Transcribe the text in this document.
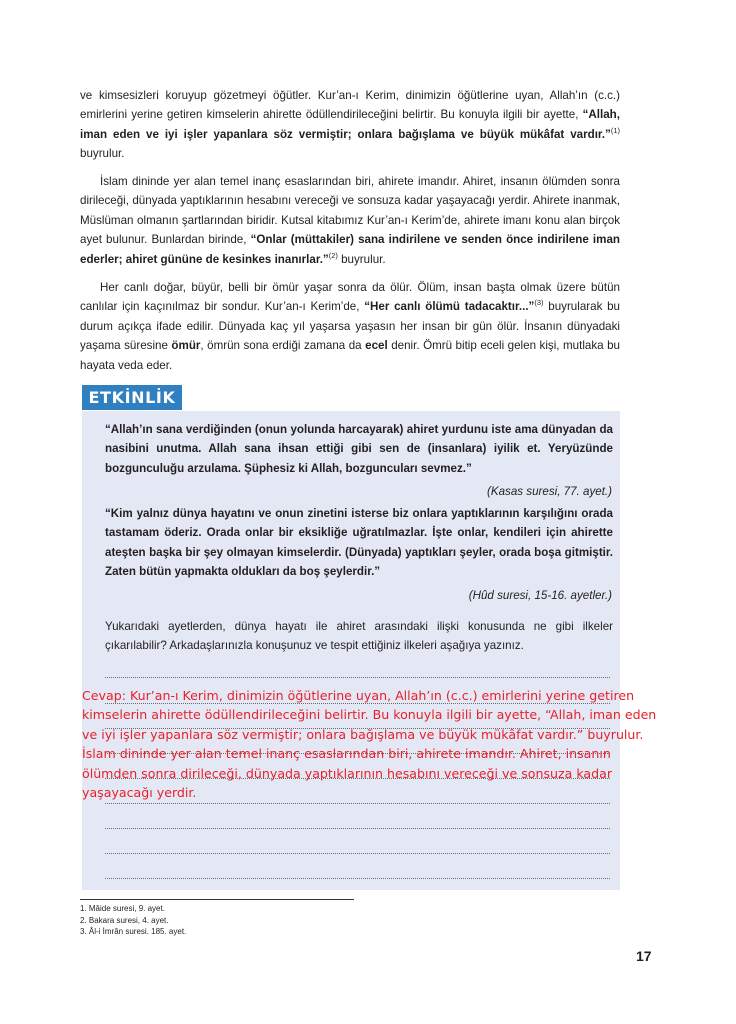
ve kimsesizleri koruyup gözetmeyi öğütler. Kur’an-ı Kerim, dinimizin öğütlerine uyan, Allah’ın (c.c.) emirlerini yerine getiren kimselerin ahirette ödüllendirileceğini belirtir. Bu konuyla ilgili bir ayette, “Allah, iman eden ve iyi işler yapanlara söz vermiştir; onlara bağışlama ve büyük mükâfat vardır.”$^{(1)}$ buyrulur.
İslam dininde yer alan temel inanç esaslarından biri, ahirete imandır. Ahiret, insanın ölümden sonra dirileceği, dünyada yaptıklarının hesabını vereceği ve sonsuza kadar yaşayacağı yerdir. Ahirete inanmak, Müslüman olmanın şartlarından biridir. Kutsal kitabımız Kur’an-ı Kerim’de, ahirete imanı konu alan birçok ayet bulunur. Bunlardan birinde, “Onlar (müttakiler) sana indirilene ve senden önce indirilene iman ederler; ahiret gününe de kesinkes inanırlar.”$^{(2)}$ buyrulur.
Her canlı doğar, büyür, belli bir ömür yaşar sonra da ölür. Ölüm, insan başta olmak üzere bütün canlılar için kaçınılmaz bir sondur. Kur’an-ı Kerim’de, “Her canlı ölümü tadacaktır...”$^{(3)}$ buyrularak bu durum açıkça ifade edilir. Dünyada kaç yıl yaşarsa yaşasın her insan bir gün ölür. İnsanın dünyadaki yaşama süresine ömür, ömrün sona erdiği zamana da ecel denir. Ömrü bitip eceli gelen kişi, mutlaka bu hayata veda eder.
ETKİNLİK
“Allah’ın sana verdiğinden (onun yolunda harcayarak) ahiret yurdunu iste ama dünyadan da nasibini unutma. Allah sana ihsan ettiği gibi sen de (insanlara) iyilik et. Yeryüzünde bozgunculuğu arzulama. Şüphesiz ki Allah, bozguncuları sevmez.”
(Kasas suresi, 77. ayet.)
“Kim yalnız dünya hayatını ve onun zinetini isterse biz onlara yaptıklarının karşılığını orada tastamam öderiz. Orada onlar bir eksikliğe uğratılmazlar. İşte onlar, kendileri için ahirette ateşten başka bir şey olmayan kimselerdir. (Dünyada) yaptıkları şeyler, orada boşa gitmiştir. Zaten bütün yapmakta oldukları da boş şeylerdir.”
(Hûd suresi, 15-16. ayetler.)
Yukarıdaki ayetlerden, dünya hayatı ile ahiret arasındaki ilişki konusunda ne gibi ilkeler çıkarılabilir? Arkadaşlarınızla konuşunuz ve tespit ettiğiniz ilkeleri aşağıya yazınız.
Cevap: Kur’an-ı Kerim, dinimizin öğütlerine uyan, Allah’ın (c.c.) emirlerini yerine getiren kimselerin ahirette ödüllendirileceğini belirtir. Bu konuyla ilgili bir ayette, “Allah, iman eden ve iyi işler yapanlara söz vermiştir; onlara bağışlama ve büyük mükâfat vardır.” buyrulur. İslam dininde yer alan temel inanç esaslarından biri, ahirete imandır. Ahiret, insanın ölümden sonra dirileceği, dünyada yaptıklarının hesabını vereceği ve sonsuza kadar yaşayacağı yerdir.
1. Mâide suresi, 9. ayet.
2. Bakara suresi, 4. ayet.
3. Âl-i İmrân suresi. 185. ayet.
17
